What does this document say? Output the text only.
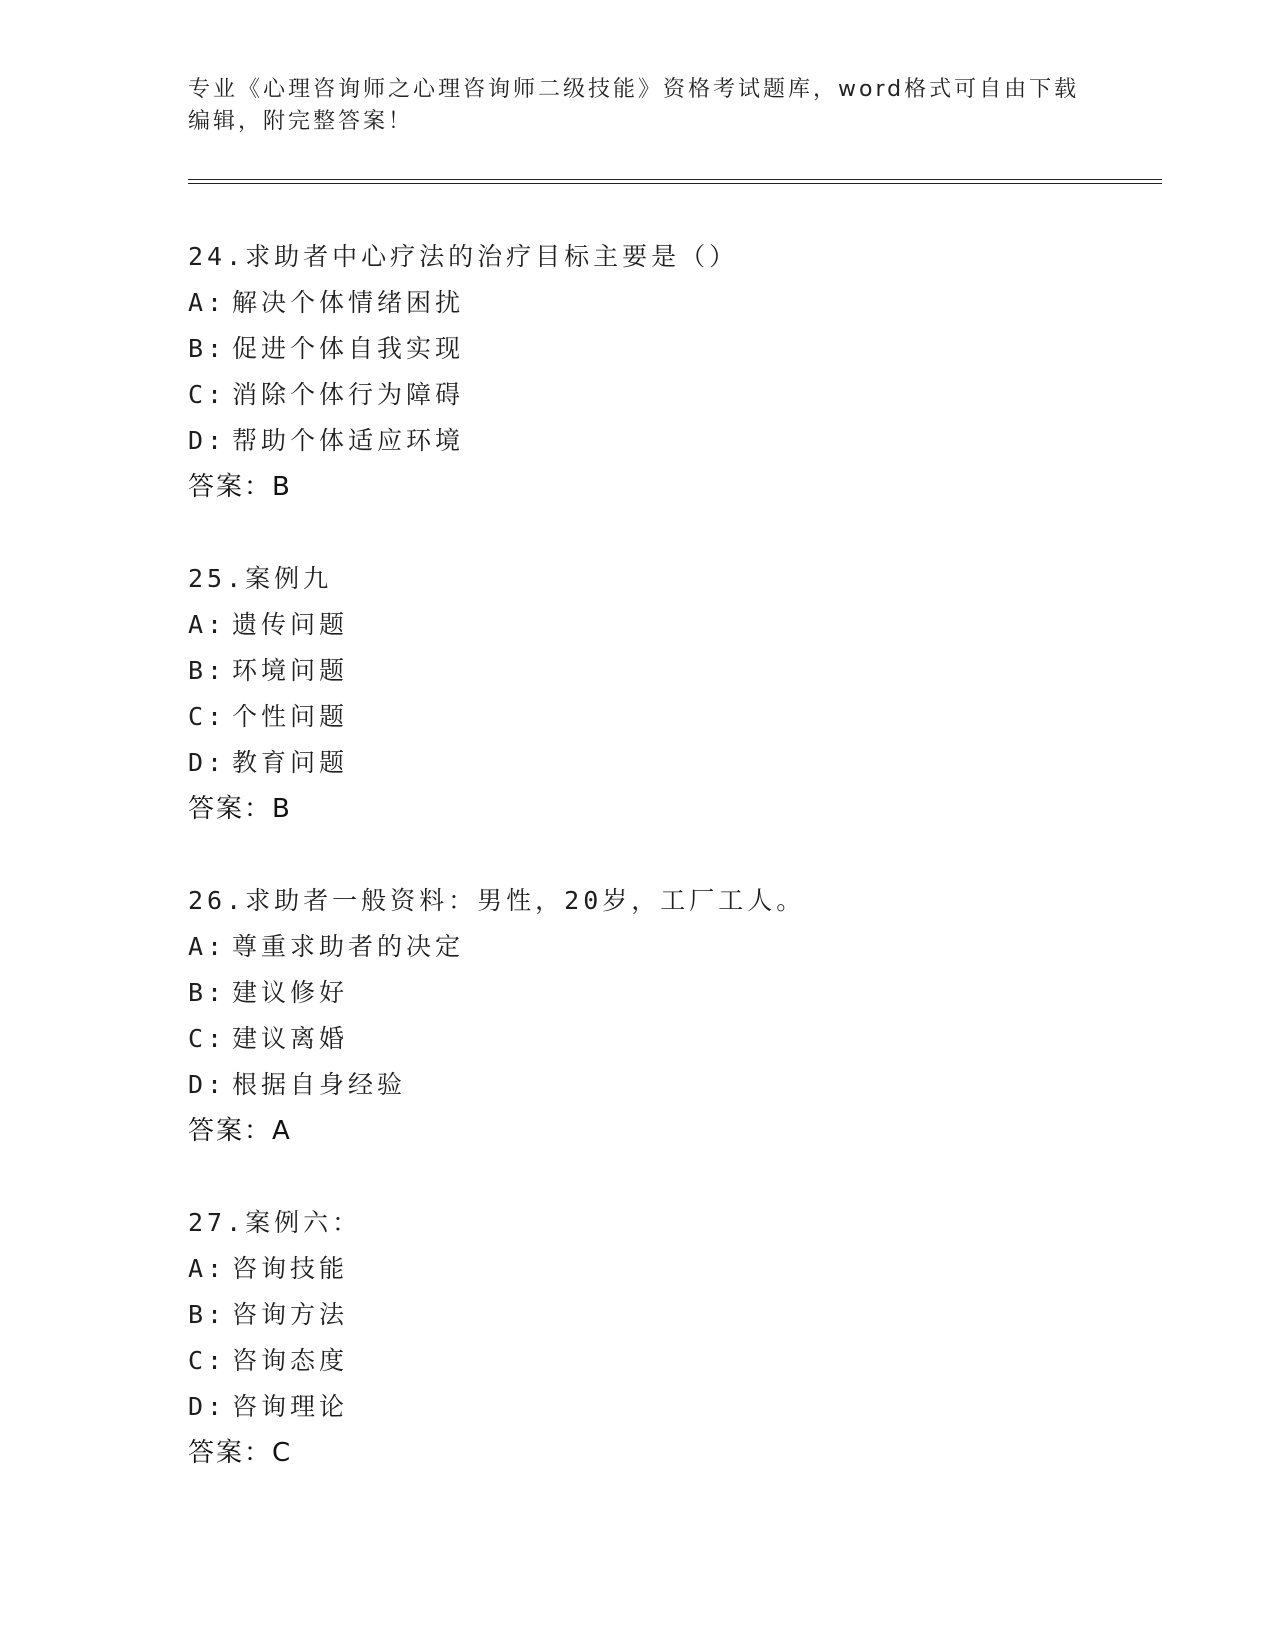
专业《心理咨询师之心理咨询师二级技能》资格考试题库，word格式可自由下载
编辑，附完整答案！
24.求助者中心疗法的治疗目标主要是（）
A: 解决个体情绪困扰
B: 促进个体自我实现
C: 消除个体行为障碍
D: 帮助个体适应环境
答案：B
25.案例九
A: 遗传问题
B: 环境问题
C: 个性问题
D: 教育问题
答案：B
26.求助者一般资料：男性，20岁，工厂工人。
A: 尊重求助者的决定
B: 建议修好
C: 建议离婚
D: 根据自身经验
答案：A
27.案例六：
A: 咨询技能
B: 咨询方法
C: 咨询态度
D: 咨询理论
答案：C
